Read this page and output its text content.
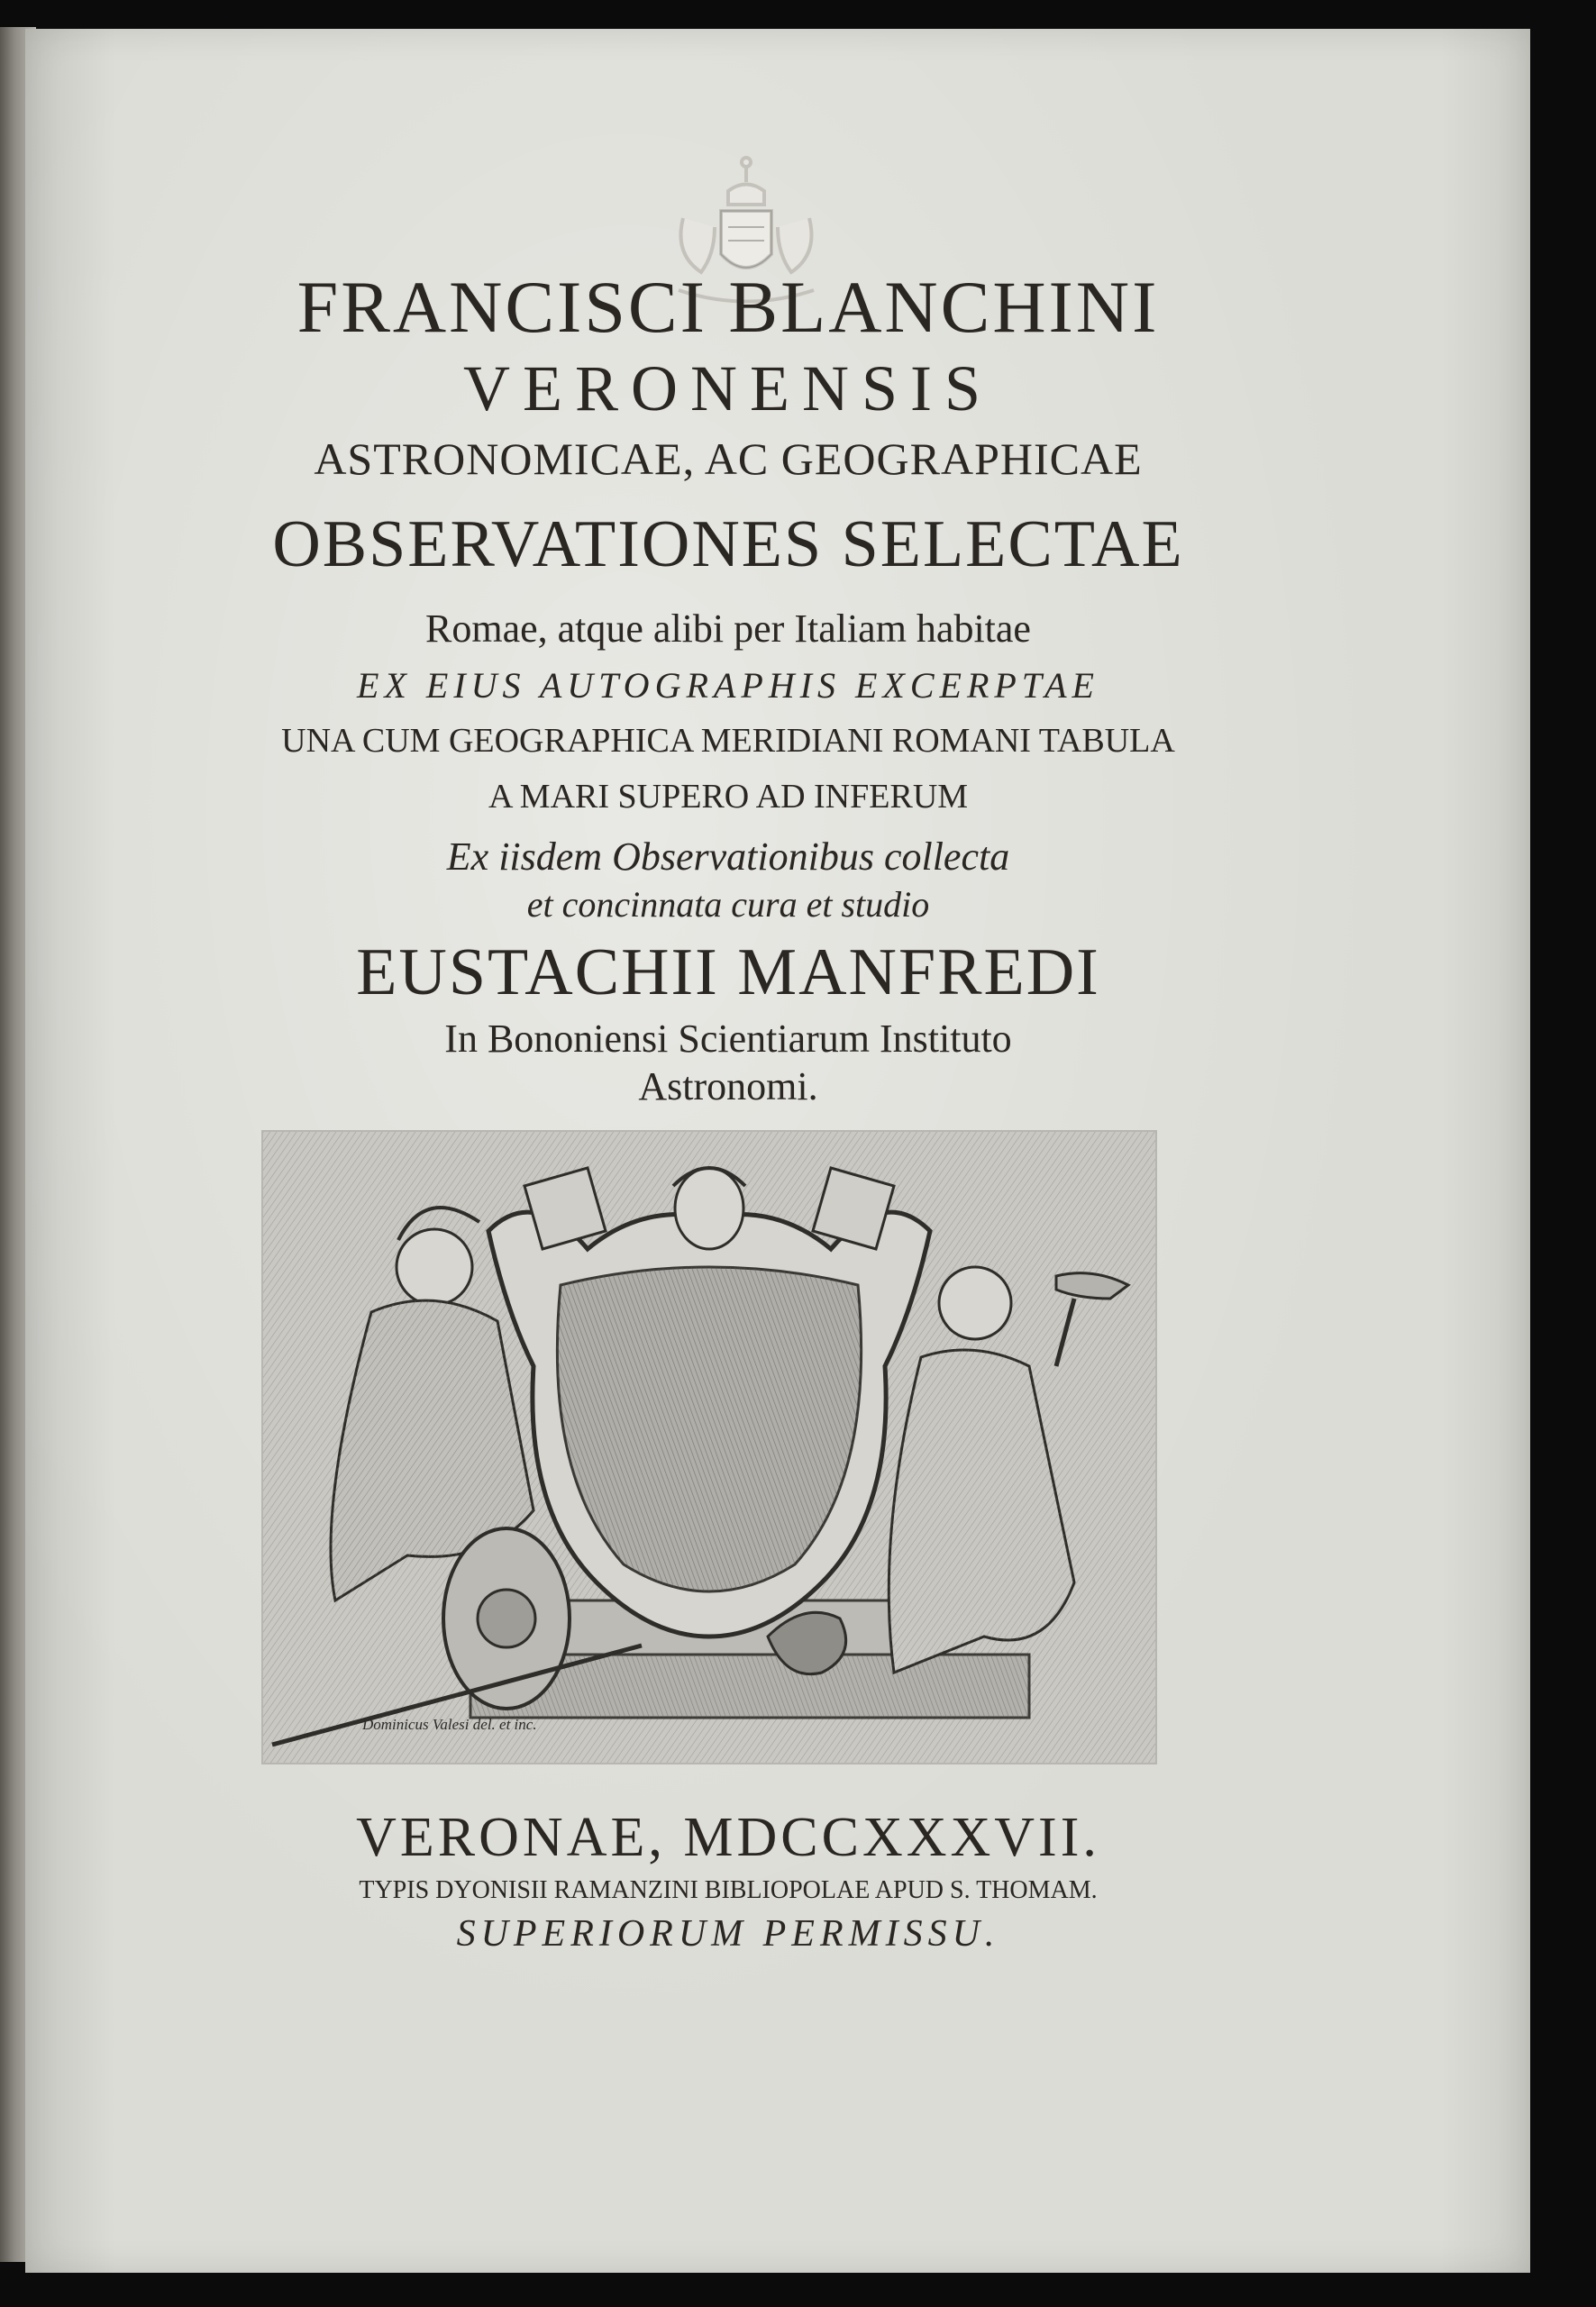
FRANCISCI BLANCHINI
VERONENSIS
ASTRONOMICAE, AC GEOGRAPHICAE
OBSERVATIONES SELECTAE
Romae, atque alibi per Italiam habitae
EX EIUS AUTOGRAPHIS EXCERPTAE
UNA CUM GEOGRAPHICA MERIDIANI ROMANI TABULA
A MARI SUPERO AD INFERUM
Ex iisdem Observationibus collecta
et concinnata cura et studio
EUSTACHII MANFREDI
In Bononiensi Scientiarum Instituto
Astronomi.
Dominicus Valesi del. et inc.
VERONAE, MDCCXXXVII.
TYPIS DYONISII RAMANZINI BIBLIOPOLAE APUD S. THOMAM.
SUPERIORUM PERMISSU.
